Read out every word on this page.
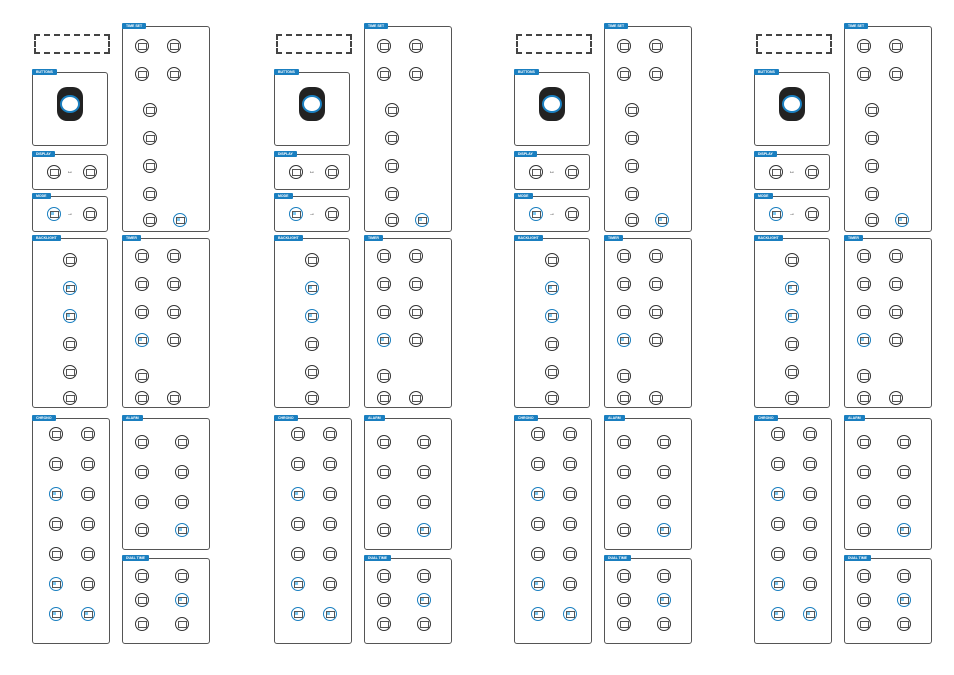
BUTTONS
DISPLAY
↔
MODE
→
BACKLIGHT
CHRONO
TIME SET
TIMER
ALARM
DUAL TIME
BUTTONS
DISPLAY
↔
MODE
→
BACKLIGHT
CHRONO
TIME SET
TIMER
ALARM
DUAL TIME
BUTTONS
DISPLAY
↔
MODE
→
BACKLIGHT
CHRONO
TIME SET
TIMER
ALARM
DUAL TIME
BUTTONS
DISPLAY
↔
MODE
→
BACKLIGHT
CHRONO
TIME SET
TIMER
ALARM
DUAL TIME
